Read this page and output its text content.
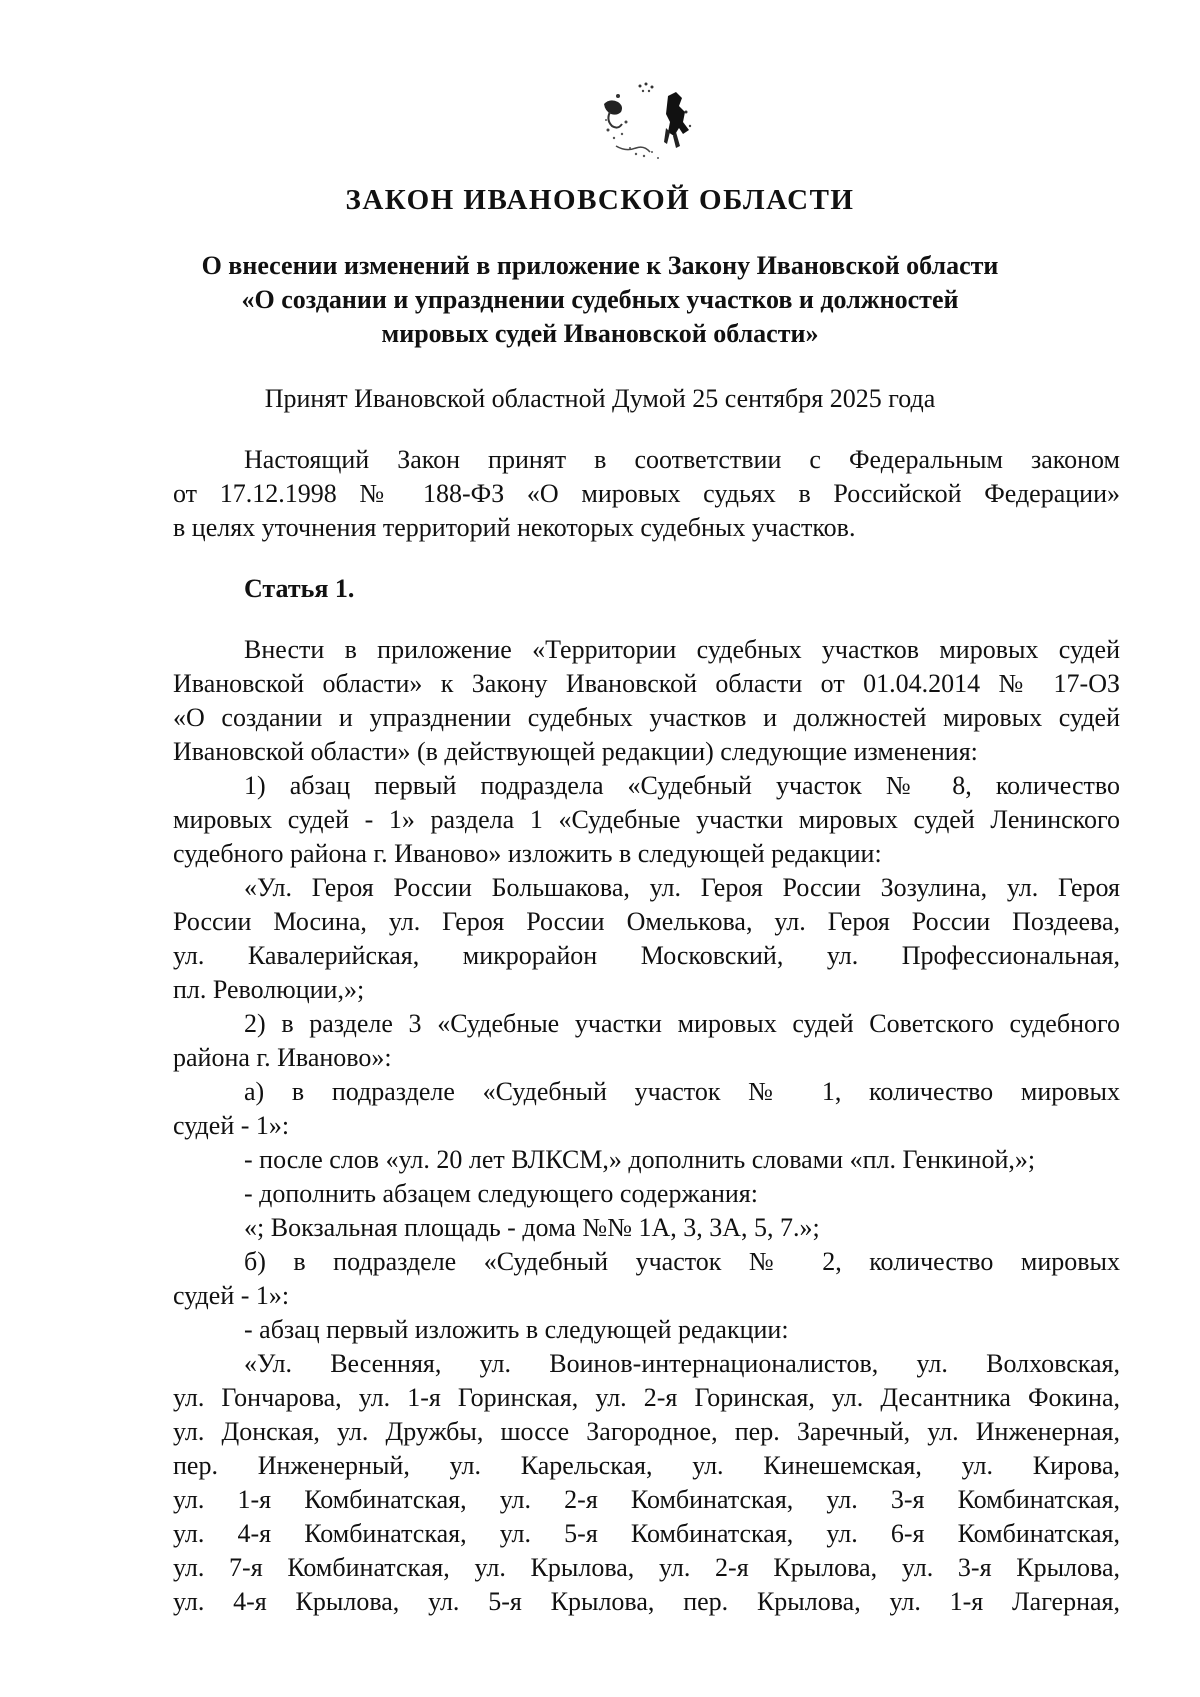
ЗАКОН ИВАНОВСКОЙ ОБЛАСТИ
О внесении изменений в приложение к Закону Ивановской области
«О создании и упразднении судебных участков и должностей
мировых судей Ивановской области»
Принят Ивановской областной Думой 25 сентября 2025 года
Настоящий Закон принят в соответствии с Федеральным законом
от 17.12.1998 № 188-ФЗ «О мировых судьях в Российской Федерации»
в целях уточнения территорий некоторых судебных участков.
Статья 1.
Внести в приложение «Территории судебных участков мировых судей
Ивановской области» к Закону Ивановской области от 01.04.2014 № 17-ОЗ
«О создании и упразднении судебных участков и должностей мировых судей
Ивановской области» (в действующей редакции) следующие изменения:
1) абзац первый подраздела «Судебный участок № 8, количество
мировых судей - 1» раздела 1 «Судебные участки мировых судей Ленинского
судебного района г. Иваново» изложить в следующей редакции:
«Ул. Героя России Большакова, ул. Героя России Зозулина, ул. Героя
России Мосина, ул. Героя России Омелькова, ул. Героя России Поздеева,
ул. Кавалерийская, микрорайон Московский, ул. Профессиональная,
пл. Революции,»;
2) в разделе 3 «Судебные участки мировых судей Советского судебного
района г. Иваново»:
а) в подразделе «Судебный участок № 1, количество мировых
судей - 1»:
- после слов «ул. 20 лет ВЛКСМ,» дополнить словами «пл. Генкиной,»;
- дополнить абзацем следующего содержания:
«; Вокзальная площадь - дома №№ 1А, 3, 3А, 5, 7.»;
б) в подразделе «Судебный участок № 2, количество мировых
судей - 1»:
- абзац первый изложить в следующей редакции:
«Ул. Весенняя, ул. Воинов-интернационалистов, ул. Волховская,
ул. Гончарова, ул. 1-я Горинская, ул. 2-я Горинская, ул. Десантника Фокина,
ул. Донская, ул. Дружбы, шоссе Загородное, пер. Заречный, ул. Инженерная,
пер. Инженерный, ул. Карельская, ул. Кинешемская, ул. Кирова,
ул. 1-я Комбинатская, ул. 2-я Комбинатская, ул. 3-я Комбинатская,
ул. 4-я Комбинатская, ул. 5-я Комбинатская, ул. 6-я Комбинатская,
ул. 7-я Комбинатская, ул. Крылова, ул. 2-я Крылова, ул. 3-я Крылова,
ул. 4-я Крылова, ул. 5-я Крылова, пер. Крылова, ул. 1-я Лагерная,
